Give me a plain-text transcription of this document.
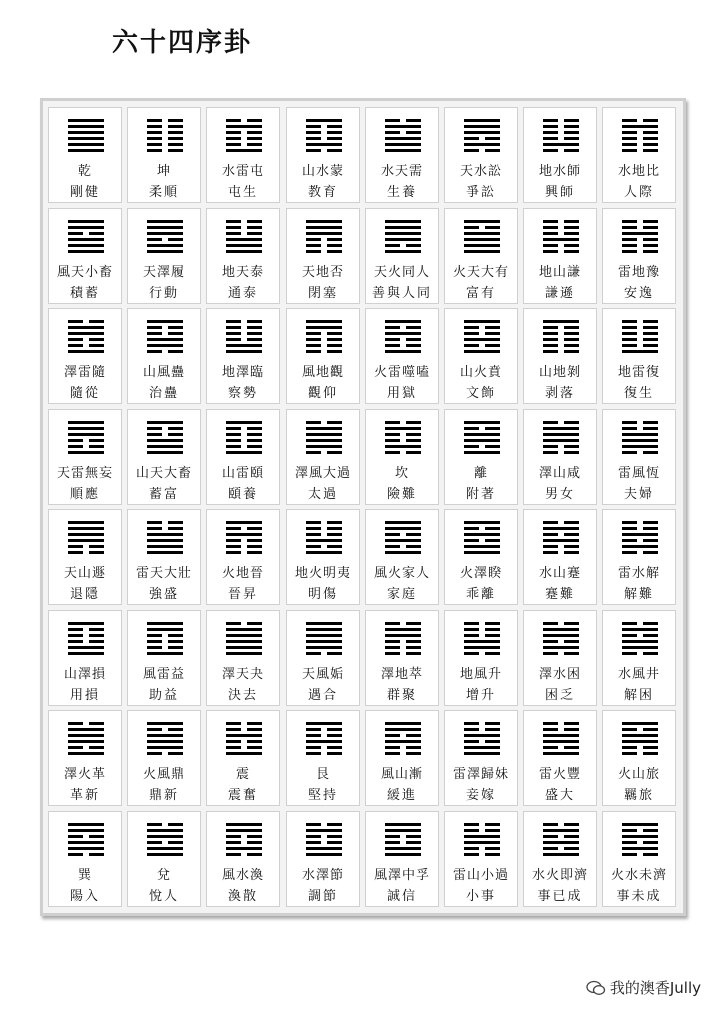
六十四序卦
乾
剛健
坤
柔順
水雷屯
屯生
山水蒙
教育
水天需
生養
天水訟
爭訟
地水師
興師
水地比
人際
風天小畜
積蓄
天澤履
行動
地天泰
通泰
天地否
閉塞
天火同人
善與人同
火天大有
富有
地山謙
謙遜
雷地豫
安逸
澤雷隨
隨從
山風蠱
治蠱
地澤臨
察勢
風地觀
觀仰
火雷噬嗑
用獄
山火賁
文飾
山地剝
剥落
地雷復
復生
天雷無妄
順應
山天大畜
蓄富
山雷頤
頤養
澤風大過
太過
坎
險難
離
附著
澤山咸
男女
雷風恆
夫婦
天山遯
退隱
雷天大壯
強盛
火地晉
晉昇
地火明夷
明傷
風火家人
家庭
火澤睽
乖離
水山蹇
蹇難
雷水解
解難
山澤損
用損
風雷益
助益
澤天夬
決去
天風姤
遇合
澤地萃
群聚
地風升
增升
澤水困
困乏
水風井
解困
澤火革
革新
火風鼎
鼎新
震
震奮
艮
堅持
風山漸
緩進
雷澤歸妹
妾嫁
雷火豐
盛大
火山旅
羈旅
巽
陽入
兌
悅人
風水渙
渙散
水澤節
調節
風澤中孚
誠信
雷山小過
小事
水火即濟
事已成
火水未濟
事未成
我的澳香Jully
